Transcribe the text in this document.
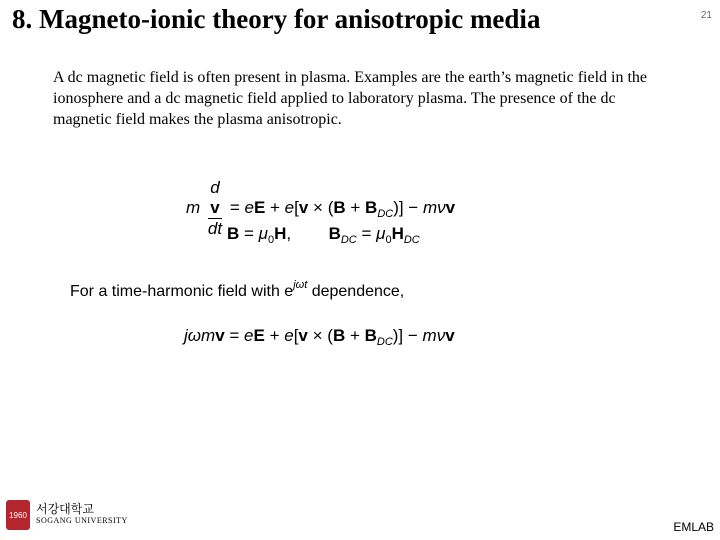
8. Magneto-ionic theory for anisotropic media	21
A dc magnetic field is often present in plasma. Examples are the earth’s magnetic field in the ionosphere and a dc magnetic field applied to laboratory plasma. The presence of the dc magnetic field makes the plasma anisotropic.
m d
v
dt = eE + $e[v \times (B + B_{DC})] - m\nu v$
$B = \mu_0H$,  $B_{DC} = \mu_0H_{DC}$
For a time-harmonic field with $e^{j\omega t}$ dependence,
jωmv = eE + $e[v \times (B + B_{DC})] - m\nu v$
1960 서강대학교
SOGANG UNIVERSITY	EMLAB
